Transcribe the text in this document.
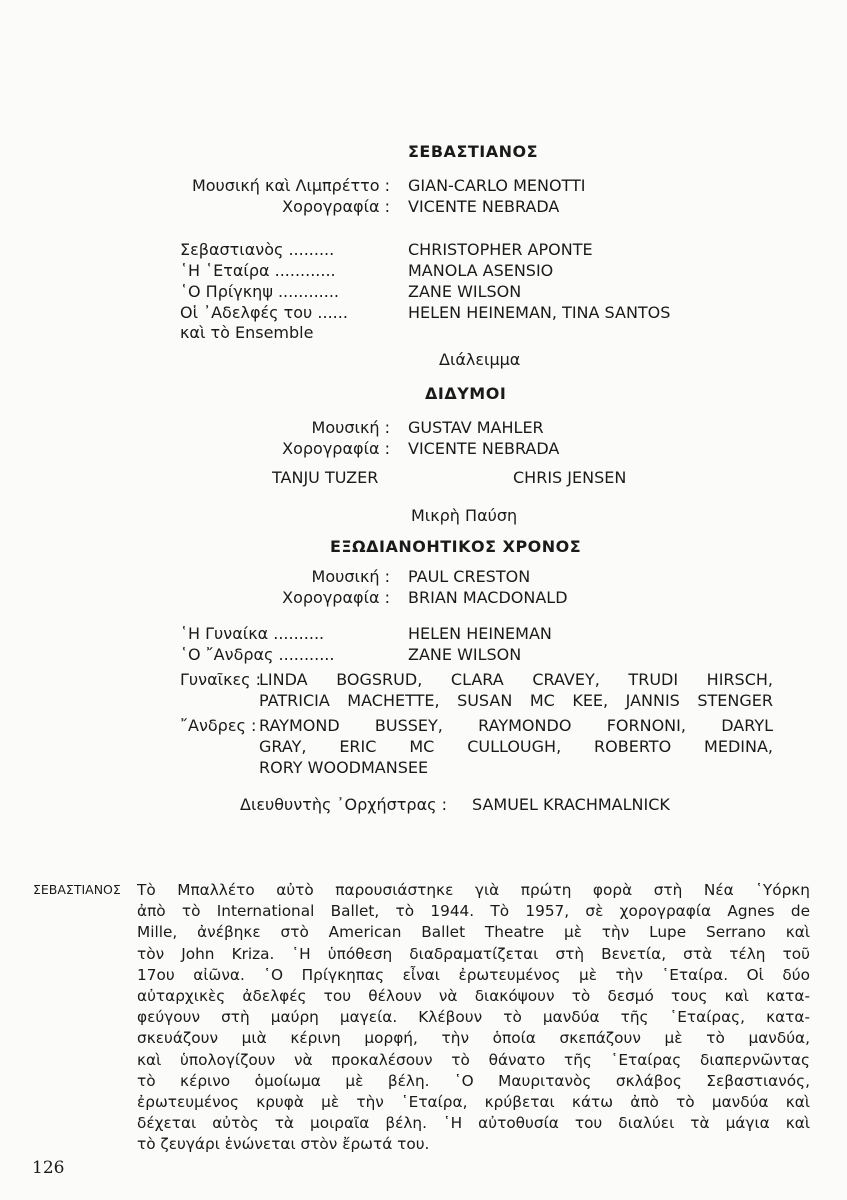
ΣΕΒΑΣΤΙΑΝΟΣ
Μουσική καὶ Λιμπρέττο : GIAN-CARLO MENOTTI
Χορογραφία : VICENTE NEBRADA
Σεβαστιανὸς .........	CHRISTOPHER APONTE
῾Η ῾Εταίρα ............	MANOLA ASENSIO
῾Ο Πρίγκηψ ............	ZANE WILSON
Οἱ ᾿Αδελφές του ......	HELEN HEINEMAN, TINA SANTOS
καὶ τὸ Ensemble
Διάλειμμα
ΔΙΔΥΜΟΙ
Μουσική : GUSTAV MAHLER
Χορογραφία : VICENTE NEBRADA
TANJU TUZER	CHRIS JENSEN
Μικρὴ Παύση
ΕΞΩΔΙΑΝΟΗΤΙΚΟΣ ΧΡΟΝΟΣ
Μουσική : PAUL CRESTON
Χορογραφία : BRIAN MACDONALD
῾Η Γυναίκα ..........	HELEN HEINEMAN
῾Ο ῎Ανδρας ...........	ZANE WILSON
Γυναῖκες :
LINDA BOGSRUD, CLARA CRAVEY, TRUDI HIRSCH,
PATRICIA MACHETTE, SUSAN MC KEE, JANNIS STENGER
῎Ανδρες : RAYMOND BUSSEY, RAYMONDO FORNONI, DARYL
GRAY, ERIC MC CULLOUGH, ROBERTO MEDINA,
RORY WOODMANSEE
Διευθυντὴς ᾿Ορχήστρας : SAMUEL KRACHMALNICK
ΣΕΒΑΣΤΙΑΝΟΣ Τὸ Μπαλλέτο αὐτὸ παρουσιάστηκε γιὰ πρώτη φορὰ στὴ Νέα ῾Υόρκη
ἀπὸ τὸ International Ballet, τὸ 1944. Τὸ 1957, σὲ χορογραφία Agnes de
Mille, ἀνέβηκε στὸ American Ballet Theatre μὲ τὴν Lupe Serrano καὶ
τὸν John Kriza. ῾Η ὑπόθεση διαδραματίζεται στὴ Βενετία, στὰ τέλη τοῦ
17ου αἰῶνα. ῾Ο Πρίγκηπας εἶναι ἐρωτευμένος μὲ τὴν ῾Εταίρα. Οἱ δύο
αὐταρχικὲς ἀδελφές του θέλουν νὰ διακόψουν τὸ δεσμό τους καὶ κατα-
φεύγουν στὴ μαύρη μαγεία. Κλέβουν τὸ μανδύα τῆς ῾Εταίρας, κατα-
σκευάζουν μιὰ κέρινη μορφή, τὴν ὁποία σκεπάζουν μὲ τὸ μανδύα,
καὶ ὑπολογίζουν νὰ προκαλέσουν τὸ θάνατο τῆς ῾Εταίρας διαπερνῶντας
τὸ κέρινο ὁμοίωμα μὲ βέλη. ῾Ο Μαυριτανὸς σκλάβος Σεβαστιανός,
ἐρωτευμένος κρυφὰ μὲ τὴν ῾Εταίρα, κρύβεται κάτω ἀπὸ τὸ μανδύα καὶ
δέχεται αὐτὸς τὰ μοιραῖα βέλη. ῾Η αὐτοθυσία του διαλύει τὰ μάγια καὶ
τὸ ζευγάρι ἑνώνεται στὸν ἔρωτά του.
126
